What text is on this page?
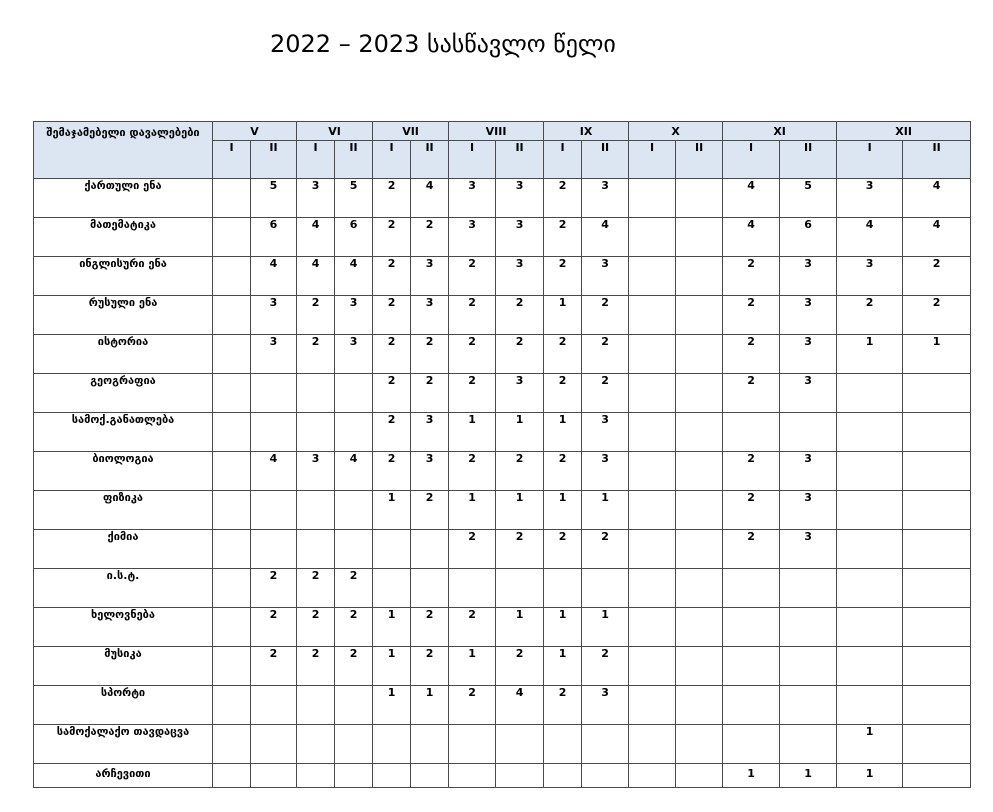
2022 – 2023 სასწავლო წელი
შემაჯამებელი დავალებები	V		VI		VII		VIII		IX		X		XI		XII	
	I	II	I	II	I	II	I	II	I	II	I	II	I	II	I	II
ქართული ენა		5	3	5	2	4	3	3	2	3			4	5	3	4
მათემატიკა		6	4	6	2	2	3	3	2	4			4	6	4	4
ინგლისური ენა		4	4	4	2	3	2	3	2	3			2	3	3	2
რუსული ენა		3	2	3	2	3	2	2	1	2			2	3	2	2
ისტორია		3	2	3	2	2	2	2	2	2			2	3	1	1
გეოგრაფია					2	2	2	3	2	2			2	3		
სამოქ.განათლება					2	3	1	1	1	3						
ბიოლოგია		4	3	4	2	3	2	2	2	3			2	3		
ფიზიკა					1	2	1	1	1	1			2	3		
ქიმია							2	2	2	2			2	3		
ი.ს.ტ.		2	2	2												
ხელოვნება		2	2	2	1	2	2	1	1	1						
მუსიკა		2	2	2	1	2	1	2	1	2						
სპორტი					1	1	2	4	2	3						
სამოქალაქო თავდაცვა															1	
არჩევითი													1	1	1	
